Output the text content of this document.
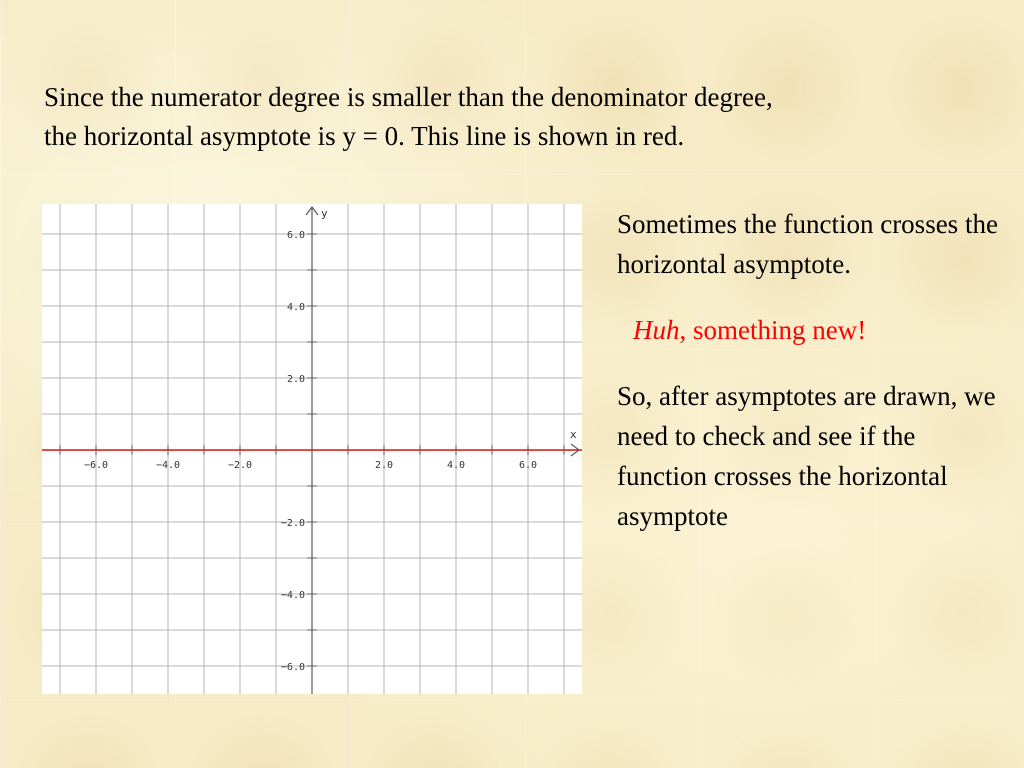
Since the numerator degree is smaller than the denominator degree,
the horizontal asymptote is y = 0. This line is shown in red.

y
−6.0
−4.0
−2.0
2.0
4.0
6.0
−6.0	−4.0	−2.0	2.0	4.0	6.0
x

Sometimes the function crosses the horizontal asymptote.

Huh, something new!

So, after asymptotes are drawn, we need to check and see if the function crosses the horizontal asymptote
